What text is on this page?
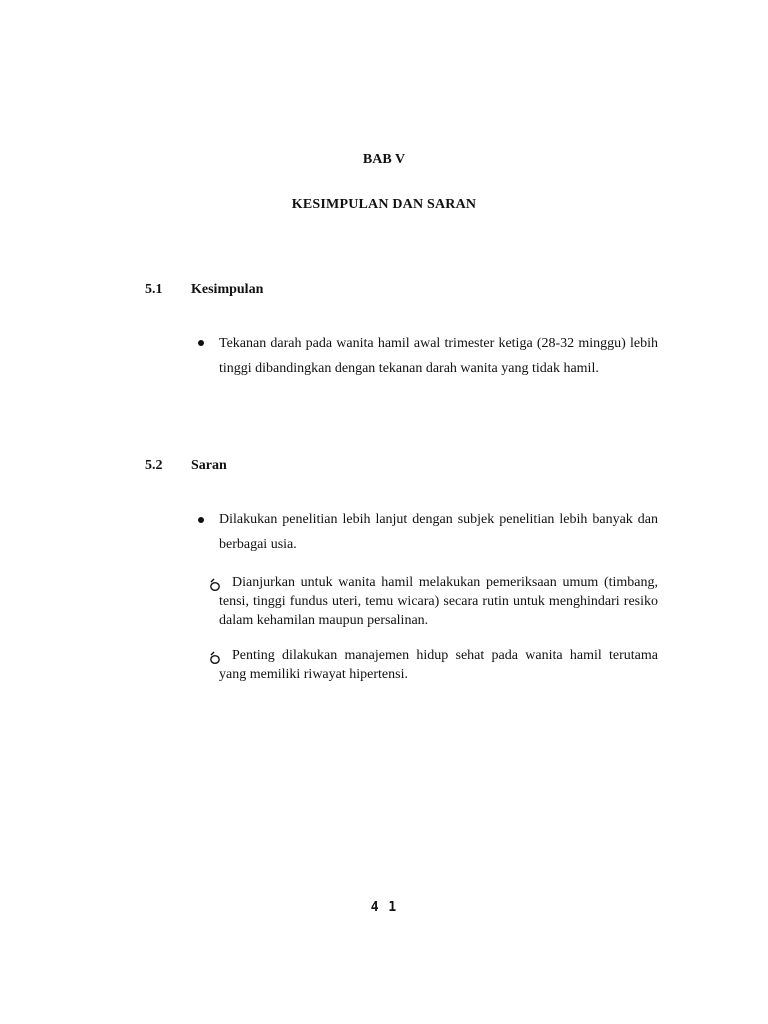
BAB V
KESIMPULAN DAN SARAN
5.1 Kesimpulan
Tekanan darah pada wanita hamil awal trimester ketiga (28-32 minggu) lebih tinggi dibandingkan dengan tekanan darah wanita yang tidak hamil.
5.2 Saran
Dilakukan penelitian lebih lanjut dengan subjek penelitian lebih banyak dan berbagai usia.
Dianjurkan untuk wanita hamil melakukan pemeriksaan umum (timbang, tensi, tinggi fundus uteri, temu wicara) secara rutin untuk menghindari resiko dalam kehamilan maupun persalinan.
Penting dilakukan manajemen hidup sehat pada wanita hamil terutama yang memiliki riwayat hipertensi.
4 1
